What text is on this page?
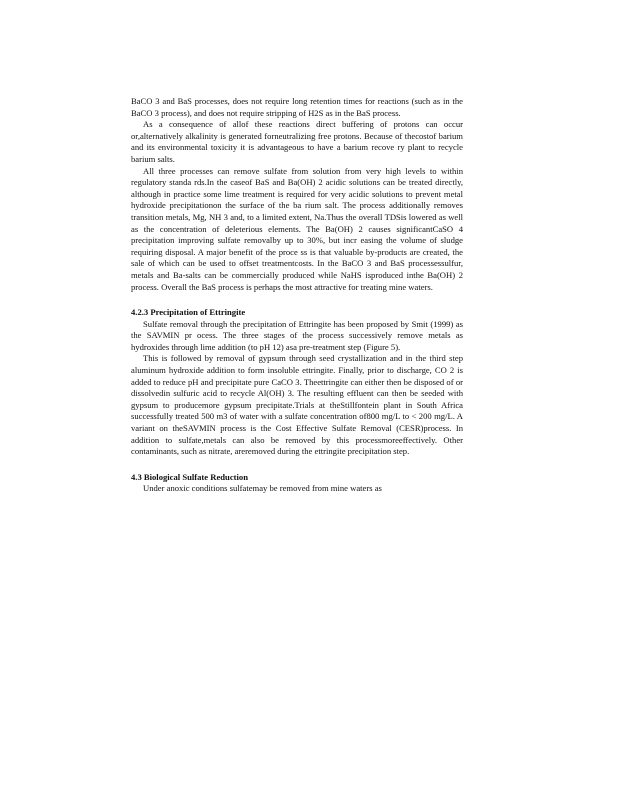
BaCO 3 and BaS processes, does not require long retention times for reactions (such as in the BaCO 3 process), and does not require stripping of H2S as in the BaS process.

As a consequence of allof these reactions direct buffering of protons can occur or,alternatively alkalinity is generated forneutralizing free protons. Because of thecostof barium and its environmental toxicity it is advantageous to have a barium recove ry plant to recycle barium salts.

All three processes can remove sulfate from solution from very high levels to within regulatory standa rds.In the caseof BaS and Ba(OH) 2 acidic solutions can be treated directly, although in practice some lime treatment is required for very acidic solutions to prevent metal hydroxide precipitationon the surface of the ba rium salt. The process additionally removes transition metals, Mg, NH 3 and, to a limited extent, Na.Thus the overall TDSis lowered as well as the concentration of deleterious elements. The Ba(OH) 2 causes significantCaSO 4 precipitation improving sulfate removalby up to 30%, but incr easing the volume of sludge requiring disposal. A major benefit of the proce ss is that valuable by-products are created, the sale of which can be used to offset treatmentcosts. In the BaCO 3 and BaS processessulfur, metals and Ba-salts can be commercially produced while NaHS isproduced inthe Ba(OH) 2 process. Overall the BaS process is perhaps the most attractive for treating mine waters.

4.2.3 Precipitation of Ettringite

Sulfate removal through the precipitation of Ettringite has been proposed by Smit (1999) as the SAVMIN pr ocess. The three stages of the process successively remove metals as hydroxides through lime addition (to pH 12) asa pre-treatment step (Figure 5).

This is followed by removal of gypsum through seed crystallization and in the third step aluminum hydroxide addition to form insoluble ettringite. Finally, prior to discharge, CO 2 is added to reduce pH and precipitate pure CaCO 3. Theettringite can either then be disposed of or dissolvedin sulfuric acid to recycle Al(OH) 3. The resulting effluent can then be seeded with gypsum to producemore gypsum precipitate.Trials at theStillfontein plant in South Africa successfully treated 500 m3 of water with a sulfate concentration of800 mg/L to < 200 mg/L. A variant on theSAVMIN process is the Cost Effective Sulfate Removal (CESR)process. In addition to sulfate,metals can also be removed by this processmoreeffectively. Other contaminants, such as nitrate, areremoved during the ettringite precipitation step.

4.3 Biological Sulfate Reduction

Under anoxic conditions sulfatemay be removed from mine waters as
